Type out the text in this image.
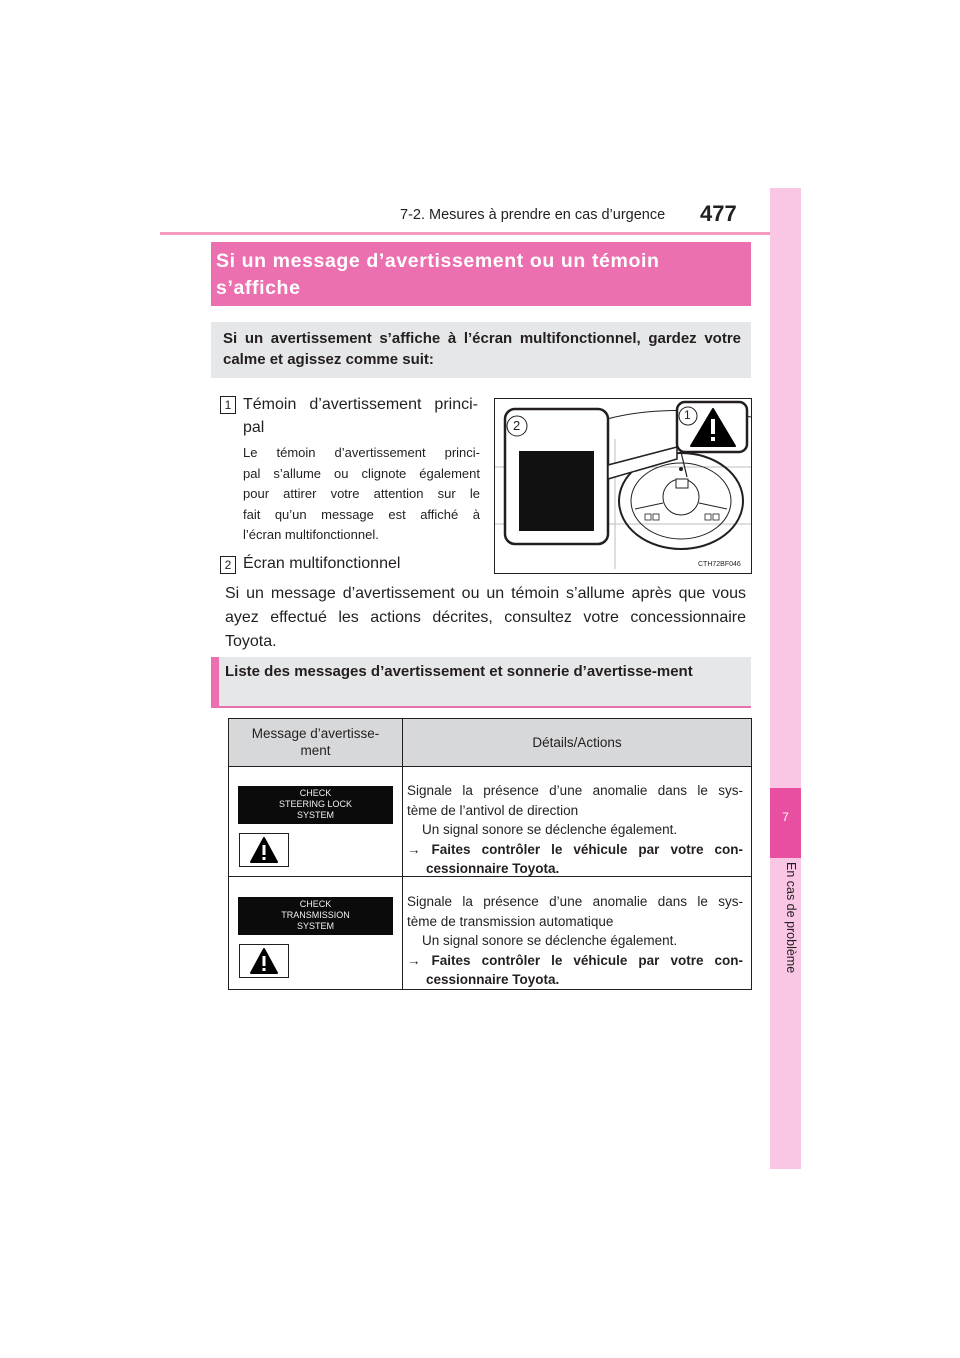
7-2. Mesures à prendre en cas d’urgence 477
7
En cas de problème
Si un message d’avertissement ou un témoin s’affiche
Si un avertissement s’affiche à l’écran multifonctionnel, gardez votre calme et agissez comme suit:
1 Témoin d’avertissement princi-
pal
Le témoin d’avertissement princi-
pal s’allume ou clignote également
pour attirer votre attention sur le
fait qu’un message est affiché à
l’écran multifonctionnel.
2 Écran multifonctionnel
Si un message d’avertissement ou un témoin s’allume après que vous ayez effectué les actions décrites, consultez votre concessionnaire Toyota.
1
2
CTH72BF046
Liste des messages d’avertissement et sonnerie d’avertisse-ment
Message d’avertisse-
ment
Détails/Actions
CHECK
STEERING LOCK
SYSTEM
Signale la présence d’une anomalie dans le sys-
tème de l’antivol de direction
Un signal sonore se déclenche également.
→ Faites contrôler le véhicule par votre con-cessionnaire Toyota.
CHECK
TRANSMISSION
SYSTEM
Signale la présence d’une anomalie dans le sys-
tème de transmission automatique
Un signal sonore se déclenche également.
→ Faites contrôler le véhicule par votre con-cessionnaire Toyota.
